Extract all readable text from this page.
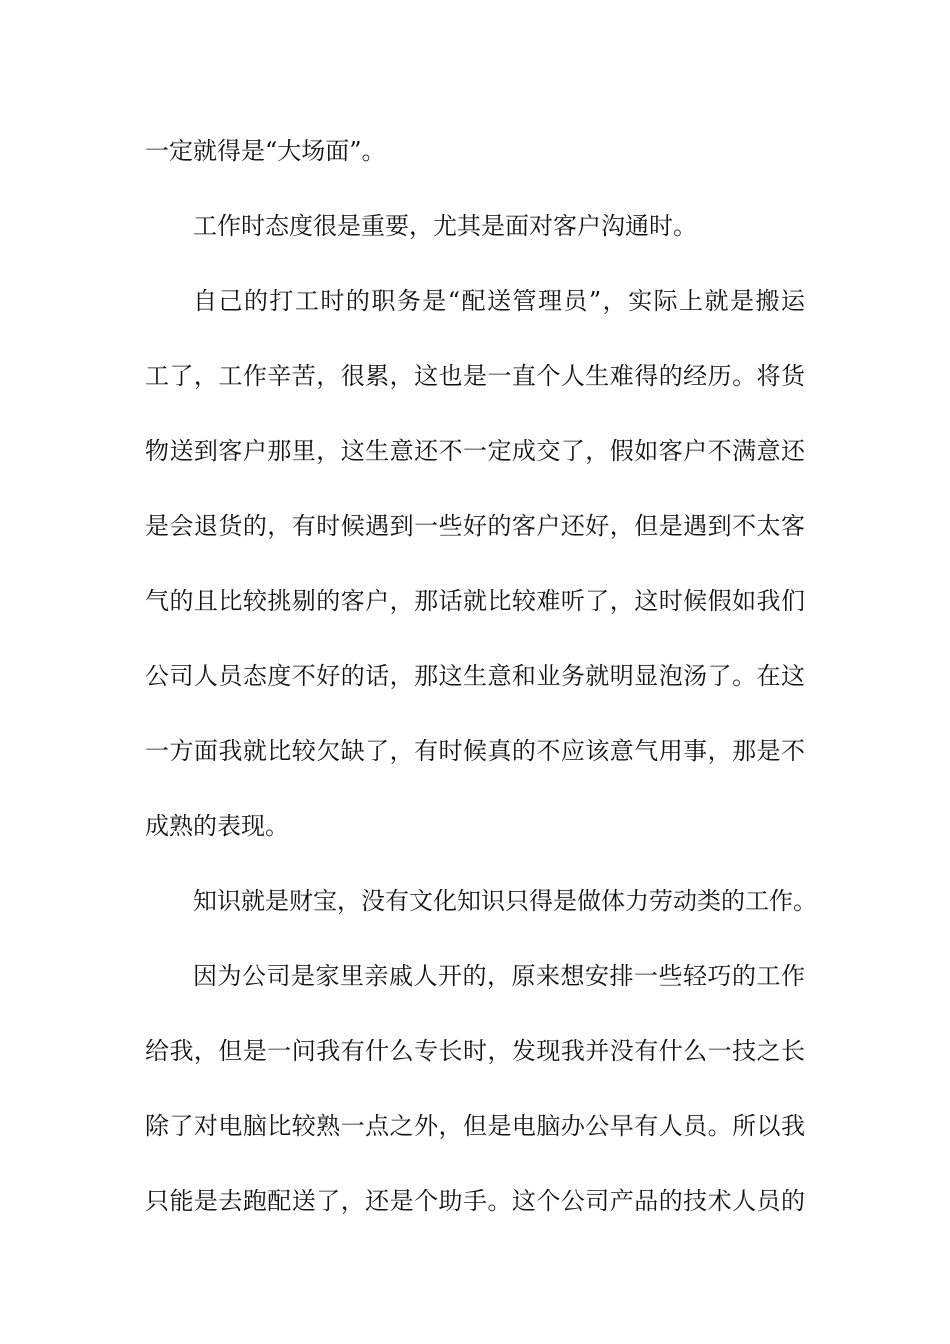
一定就得是“大场面”。
工作时态度很是重要，尤其是面对客户沟通时。
自己的打工时的职务是“配送管理员”，实际上就是搬运
工了，工作辛苦，很累，这也是一直个人生难得的经历。将货
物送到客户那里，这生意还不一定成交了，假如客户不满意还
是会退货的，有时候遇到一些好的客户还好，但是遇到不太客
气的且比较挑剔的客户，那话就比较难听了，这时候假如我们
公司人员态度不好的话，那这生意和业务就明显泡汤了。在这
一方面我就比较欠缺了，有时候真的不应该意气用事，那是不
成熟的表现。
知识就是财宝，没有文化知识只得是做体力劳动类的工作。
因为公司是家里亲戚人开的，原来想安排一些轻巧的工作
给我，但是一问我有什么专长时，发现我并没有什么一技之长
除了对电脑比较熟一点之外，但是电脑办公早有人员。所以我
只能是去跑配送了，还是个助手。这个公司产品的技术人员的
